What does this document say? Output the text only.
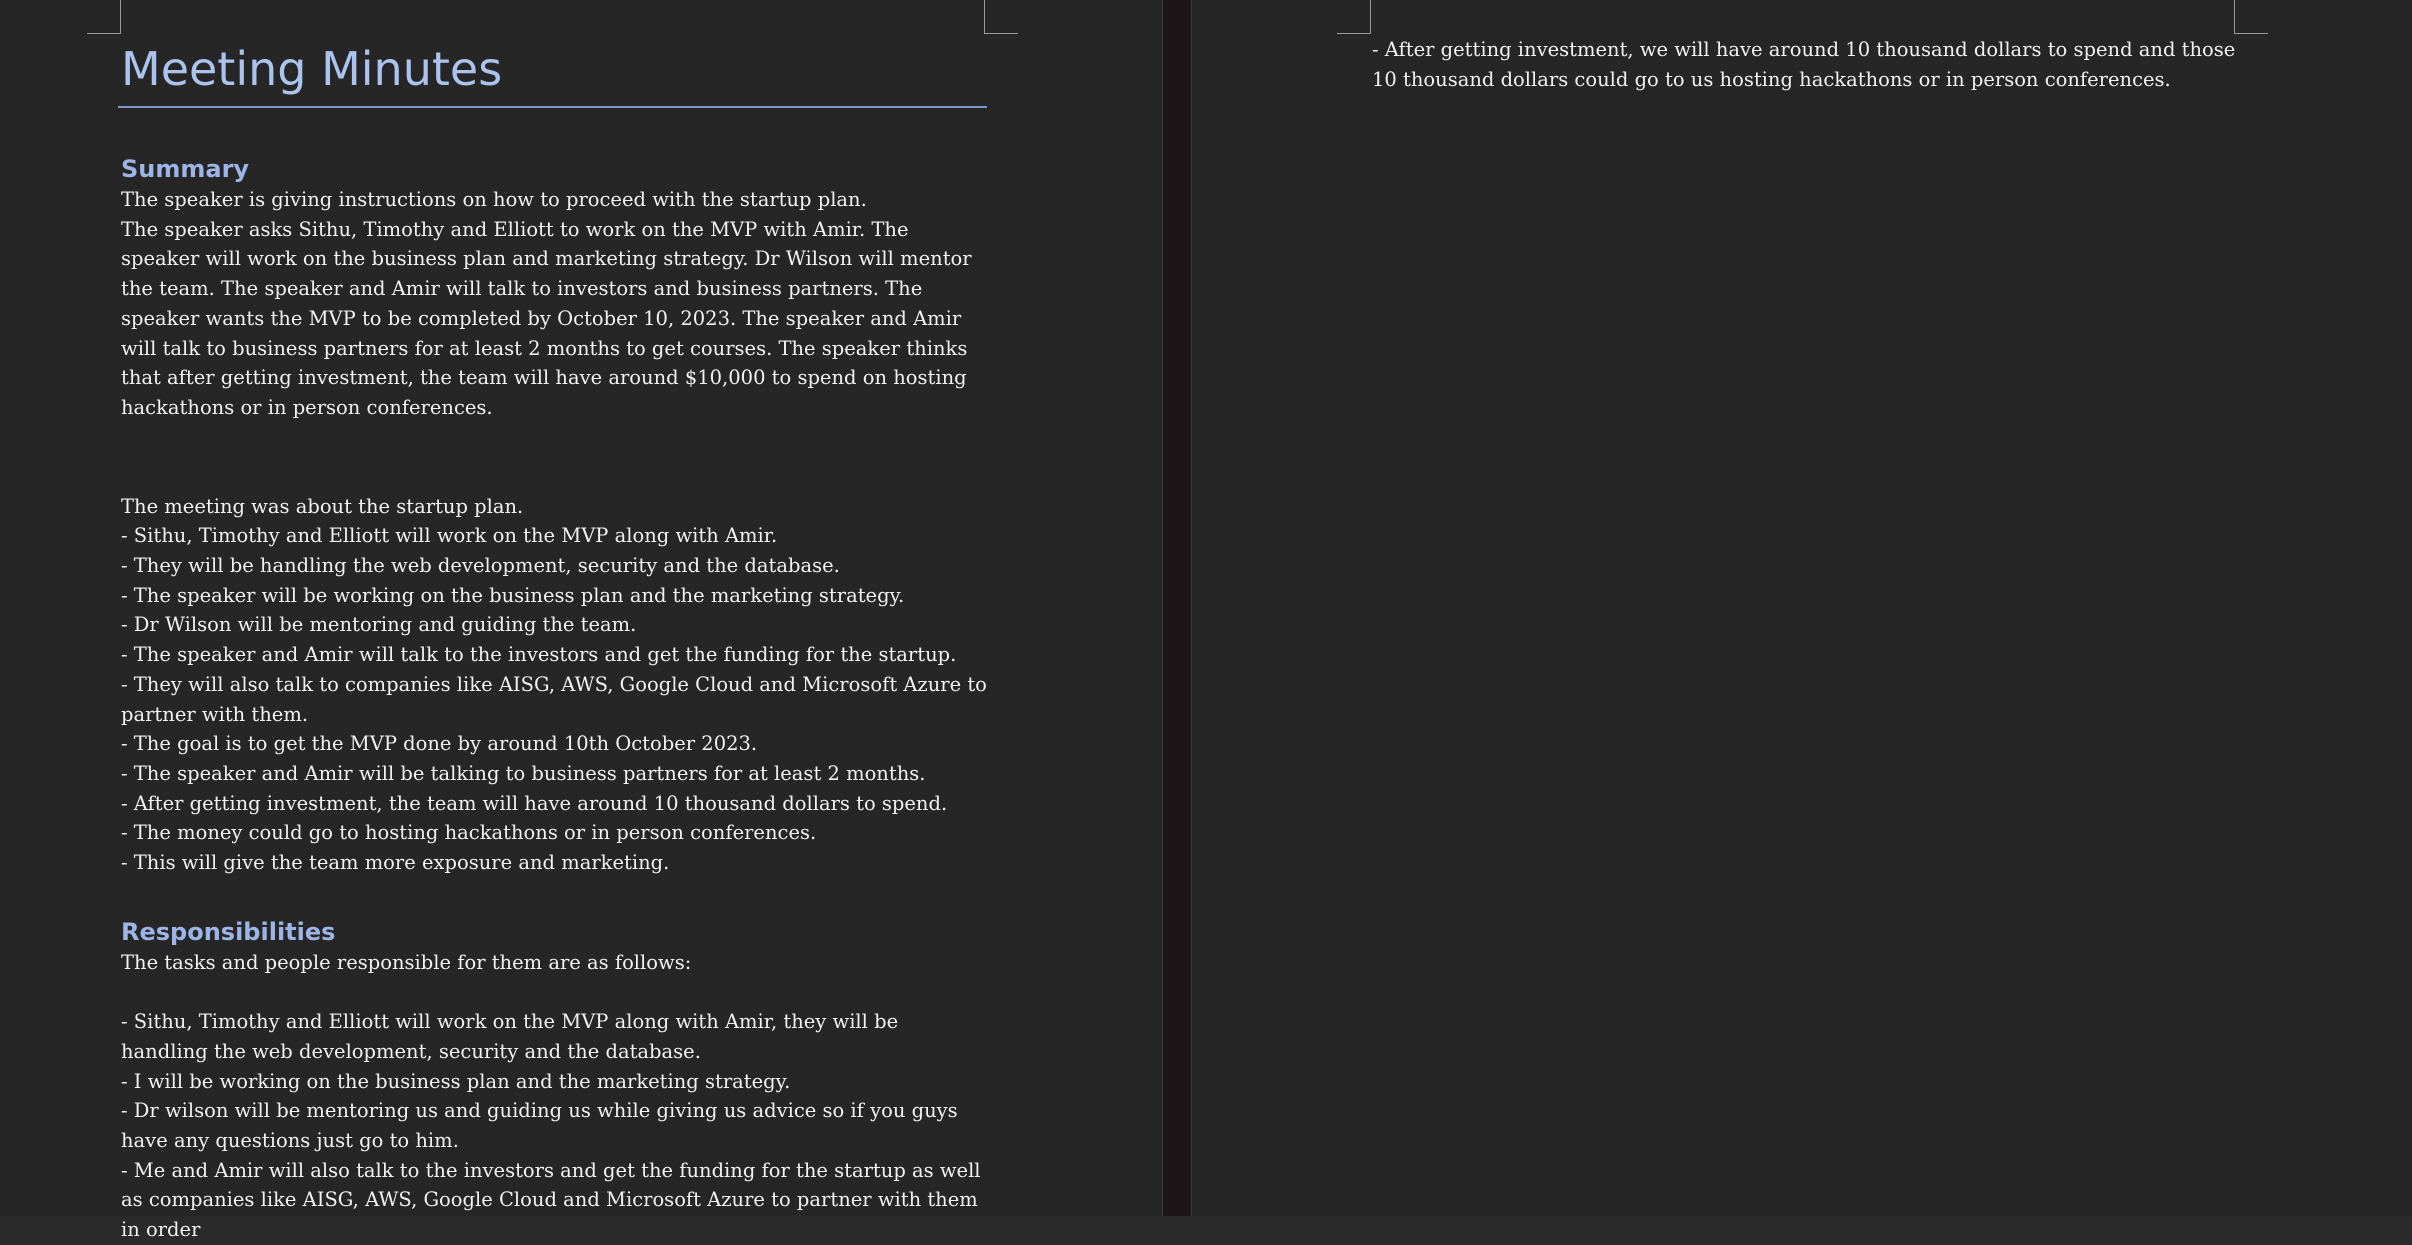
Meeting Minutes
Summary

The speaker is giving instructions on how to proceed with the startup plan.

The speaker asks Sithu, Timothy and Elliott to work on the MVP with Amir. The speaker will work on the business plan and marketing strategy. Dr Wilson will mentor the team. The speaker and Amir will talk to investors and business partners. The speaker wants the MVP to be completed by October 10, 2023. The speaker and Amir will talk to business partners for at least 2 months to get courses. The speaker thinks that after getting investment, the team will have around $10,000 to spend on hosting hackathons or in person conferences.

The meeting was about the startup plan.

- Sithu, Timothy and Elliott will work on the MVP along with Amir.

- They will be handling the web development, security and the database.

- The speaker will be working on the business plan and the marketing strategy.

- Dr Wilson will be mentoring and guiding the team.

- The speaker and Amir will talk to the investors and get the funding for the startup.

- They will also talk to companies like AISG, AWS, Google Cloud and Microsoft Azure to partner with them.

- The goal is to get the MVP done by around 10th October 2023.

- The speaker and Amir will be talking to business partners for at least 2 months.

- After getting investment, the team will have around 10 thousand dollars to spend.

- The money could go to hosting hackathons or in person conferences.

- This will give the team more exposure and marketing.

Responsibilities

The tasks and people responsible for them are as follows:

- Sithu, Timothy and Elliott will work on the MVP along with Amir, they will be handling the web development, security and the database.

- I will be working on the business plan and the marketing strategy.

- Dr wilson will be mentoring us and guiding us while giving us advice so if you guys have any questions just go to him.

- Me and Amir will also talk to the investors and get the funding for the startup as well as companies like AISG, AWS, Google Cloud and Microsoft Azure to partner with them in order

- After getting investment, we will have around 10 thousand dollars to spend and those 10 thousand dollars could go to us hosting hackathons or in person conferences.
